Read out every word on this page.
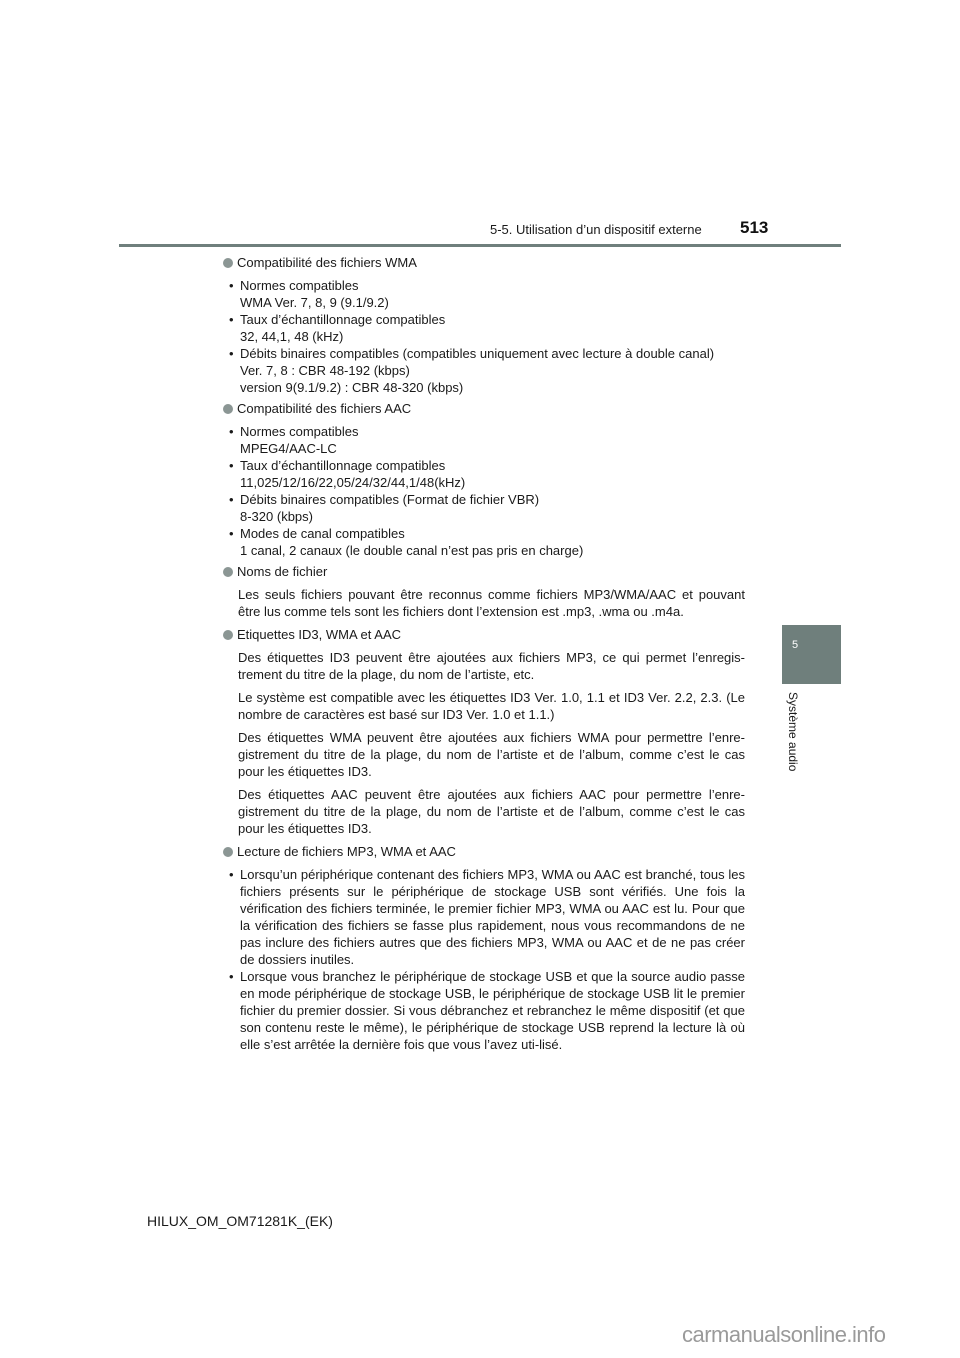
5-5. Utilisation d’un dispositif externe 513
5
Système audio
Compatibilité des fichiers WMA
• Normes compatibles
WMA Ver. 7, 8, 9 (9.1/9.2)
• Taux d’échantillonnage compatibles
32, 44,1, 48 (kHz)
• Débits binaires compatibles (compatibles uniquement avec lecture à double canal)
Ver. 7, 8 : CBR 48-192 (kbps)
version 9(9.1/9.2) : CBR 48-320 (kbps)
Compatibilité des fichiers AAC
• Normes compatibles
MPEG4/AAC-LC
• Taux d’échantillonnage compatibles
11,025/12/16/22,05/24/32/44,1/48(kHz)
• Débits binaires compatibles (Format de fichier VBR)
8-320 (kbps)
• Modes de canal compatibles
1 canal, 2 canaux (le double canal n’est pas pris en charge)
Noms de fichier
Les seuls fichiers pouvant être reconnus comme fichiers MP3/WMA/AAC et pouvant être lus comme tels sont les fichiers dont l’extension est .mp3, .wma ou .m4a.
Etiquettes ID3, WMA et AAC
Des étiquettes ID3 peuvent être ajoutées aux fichiers MP3, ce qui permet l’enregis-trement du titre de la plage, du nom de l’artiste, etc.
Le système est compatible avec les étiquettes ID3 Ver. 1.0, 1.1 et ID3 Ver. 2.2, 2.3. (Le nombre de caractères est basé sur ID3 Ver. 1.0 et 1.1.)
Des étiquettes WMA peuvent être ajoutées aux fichiers WMA pour permettre l’enre-gistrement du titre de la plage, du nom de l’artiste et de l’album, comme c’est le cas pour les étiquettes ID3.
Des étiquettes AAC peuvent être ajoutées aux fichiers AAC pour permettre l’enre-gistrement du titre de la plage, du nom de l’artiste et de l’album, comme c’est le cas pour les étiquettes ID3.
Lecture de fichiers MP3, WMA et AAC
• Lorsqu’un périphérique contenant des fichiers MP3, WMA ou AAC est branché, tous les fichiers présents sur le périphérique de stockage USB sont vérifiés. Une fois la vérification des fichiers terminée, le premier fichier MP3, WMA ou AAC est lu. Pour que la vérification des fichiers se fasse plus rapidement, nous vous recommandons de ne pas inclure des fichiers autres que des fichiers MP3, WMA ou AAC et de ne pas créer de dossiers inutiles.
• Lorsque vous branchez le périphérique de stockage USB et que la source audio passe en mode périphérique de stockage USB, le périphérique de stockage USB lit le premier fichier du premier dossier. Si vous débranchez et rebranchez le même dispositif (et que son contenu reste le même), le périphérique de stockage USB reprend la lecture là où elle s’est arrêtée la dernière fois que vous l’avez uti-lisé.
HILUX_OM_OM71281K_(EK)
carmanualsonline.info
